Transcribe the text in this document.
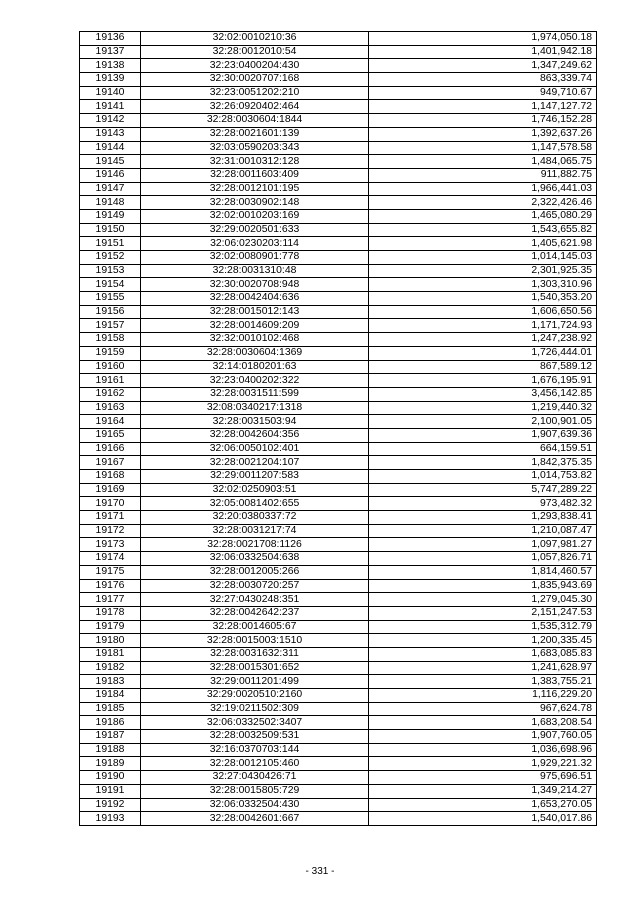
19136	32:02:0010210:36	1,974,050.18
19137	32:28:0012010:54	1,401,942.18
19138	32:23:0400204:430	1,347,249.62
19139	32:30:0020707:168	863,339.74
19140	32:23:0051202:210	949,710.67
19141	32:26:0920402:464	1,147,127.72
19142	32:28:0030604:1844	1,746,152.28
19143	32:28:0021601:139	1,392,637.26
19144	32:03:0590203:343	1,147,578.58
19145	32:31:0010312:128	1,484,065.75
19146	32:28:0011603:409	911,882.75
19147	32:28:0012101:195	1,966,441.03
19148	32:28:0030902:148	2,322,426.46
19149	32:02:0010203:169	1,465,080.29
19150	32:29:0020501:633	1,543,655.82
19151	32:06:0230203:114	1,405,621.98
19152	32:02:0080901:778	1,014,145.03
19153	32:28:0031310:48	2,301,925.35
19154	32:30:0020708:948	1,303,310.96
19155	32:28:0042404:636	1,540,353.20
19156	32:28:0015012:143	1,606,650.56
19157	32:28:0014609:209	1,171,724.93
19158	32:32:0010102:468	1,247,238.92
19159	32:28:0030604:1369	1,726,444.01
19160	32:14:0180201:63	867,589.12
19161	32:23:0400202:322	1,676,195.91
19162	32:28:0031511:599	3,456,142.85
19163	32:08:0340217:1318	1,219,440.32
19164	32:28:0031503:94	2,100,901.05
19165	32:28:0042604:356	1,907,639.36
19166	32:06:0050102:401	664,159.51
19167	32:28:0021204:107	1,842,375.35
19168	32:29:0011207:583	1,014,753.82
19169	32:02:0250903:51	5,747,289.22
19170	32:05:0081402:655	973,482.32
19171	32:20:0380337:72	1,293,838.41
19172	32:28:0031217:74	1,210,087.47
19173	32:28:0021708:1126	1,097,981.27
19174	32:06:0332504:638	1,057,826.71
19175	32:28:0012005:266	1,814,460.57
19176	32:28:0030720:257	1,835,943.69
19177	32:27:0430248:351	1,279,045.30
19178	32:28:0042642:237	2,151,247.53
19179	32:28:0014605:67	1,535,312.79
19180	32:28:0015003:1510	1,200,335.45
19181	32:28:0031632:311	1,683,085.83
19182	32:28:0015301:652	1,241,628.97
19183	32:29:0011201:499	1,383,755.21
19184	32:29:0020510:2160	1,116,229.20
19185	32:19:0211502:309	967,624.78
19186	32:06:0332502:3407	1,683,208.54
19187	32:28:0032509:531	1,907,760.05
19188	32:16:0370703:144	1,036,698.96
19189	32:28:0012105:460	1,929,221.32
19190	32:27:0430426:71	975,696.51
19191	32:28:0015805:729	1,349,214.27
19192	32:06:0332504:430	1,653,270.05
19193	32:28:0042601:667	1,540,017.86
- 331 -
